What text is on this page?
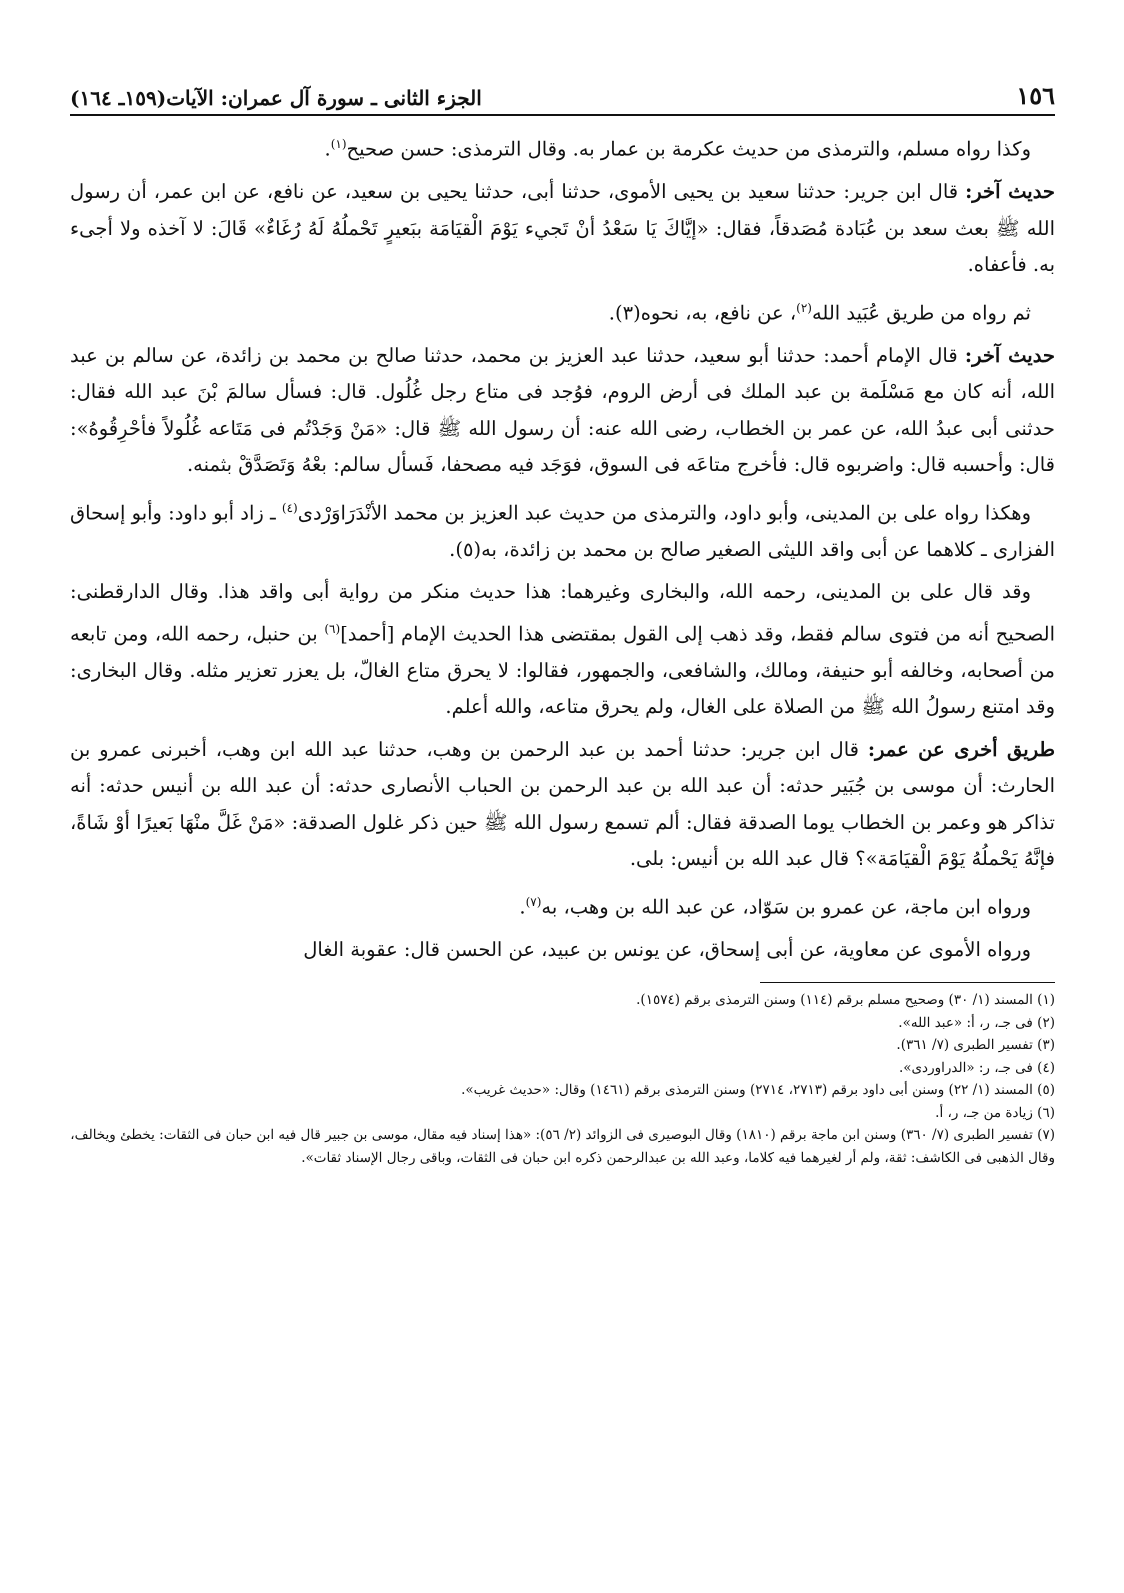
١٥٦
الجزء الثانى ـ سورة آل عمران: الآيات(١٥٩ـ ١٦٤)

وكذا رواه مسلم، والترمذى من حديث عكرمة بن عمار به. وقال الترمذى: حسن صحيح$^{(١)}$.

حديث آخر: قال ابن جرير: حدثنا سعيد بن يحيى الأموى، حدثنا أبى، حدثنا يحيى بن سعيد، عن نافع، عن ابن عمر، أن رسول الله ﷺ بعث سعد بن عُبَادة مُصَدقاً، فقال: «إيَّاكَ يَا سَعْدُ أنْ تَجيء يَوْمَ الْقيَامَة ببَعيرٍ تَحْملُهُ لَهُ رُغَاءٌ» قَالَ: لا آخذه ولا أجىء به. فأعفاه.

ثم رواه من طريق عُبَيد الله$^{(٢)}$، عن نافع، به، نحوه(٣).

حديث آخر: قال الإمام أحمد: حدثنا أبو سعيد، حدثنا عبد العزيز بن محمد، حدثنا صالح بن محمد بن زائدة، عن سالم بن عبد الله، أنه كان مع مَسْلَمة بن عبد الملك فى أرض الروم، فوُجد فى متاع رجل غُلُول. قال: فسأل سالمَ بْنَ عبد الله فقال: حدثنى أبى عبدُ الله، عن عمر بن الخطاب، رضى الله عنه: أن رسول الله ﷺ قال: «مَنْ وَجَدْتُم فى مَتَاعه غُلُولاً فأحْرِقُوهُ»: قال: وأحسبه قال: واضربوه قال: فأخرج متاعَه فى السوق، فوَجَد فيه مصحفا، فَسأل سالم: بعْهُ وَتَصَدَّقْ بثمنه.

وهكذا رواه على بن المدينى، وأبو داود، والترمذى من حديث عبد العزيز بن محمد الأنْدَرَاوَرْدى$^{(٤)}$ ـ زاد أبو داود: وأبو إسحاق الفزارى ـ كلاهما عن أبى واقد الليثى الصغير صالح بن محمد بن زائدة، به(٥).

وقد قال على بن المدينى، رحمه الله، والبخارى وغيرهما: هذا حديث منكر من رواية أبى واقد هذا. وقال الدارقطنى: الصحيح أنه من فتوى سالم فقط، وقد ذهب إلى القول بمقتضى هذا الحديث الإمام [أحمد]$^{(٦)}$ بن حنبل، رحمه الله، ومن تابعه من أصحابه، وخالفه أبو حنيفة، ومالك، والشافعى، والجمهور، فقالوا: لا يحرق متاع الغالّ، بل يعزر تعزير مثله. وقال البخارى: وقد امتنع رسولُ الله ﷺ من الصلاة على الغال، ولم يحرق متاعه، والله أعلم.

طريق أخرى عن عمر: قال ابن جرير: حدثنا أحمد بن عبد الرحمن بن وهب، حدثنا عبد الله ابن وهب، أخبرنى عمرو بن الحارث: أن موسى بن جُبَير حدثه: أن عبد الله بن عبد الرحمن بن الحباب الأنصارى حدثه: أن عبد الله بن أنيس حدثه: أنه تذاكر هو وعمر بن الخطاب يوما الصدقة فقال: ألم تسمع رسول الله ﷺ حين ذكر غلول الصدقة: «مَنْ غَلَّ منْهَا بَعيرًا أوْ شَاةً، فإنَّهُ يَحْملُهُ يَوْمَ الْقيَامَة»؟ قال عبد الله بن أنيس: بلى.

ورواه ابن ماجة، عن عمرو بن سَوّاد، عن عبد الله بن وهب، به$^{(٧)}$.

ورواه الأموى عن معاوية، عن أبى إسحاق، عن يونس بن عبيد، عن الحسن قال: عقوبة الغال

(١) المسند (١/ ٣٠) وصحيح مسلم برقم (١١٤) وسنن الترمذى برقم (١٥٧٤).
(٢) فى جـ، ر، أ: «عبد الله».
(٣) تفسير الطبرى (٧/ ٣٦١).
(٤) فى جـ، ر: «الدراوردى».
(٥) المسند (١/ ٢٢) وسنن أبى داود برقم (٢٧١٣، ٢٧١٤) وسنن الترمذى برقم (١٤٦١) وقال: «حديث غريب».
(٦) زيادة من جـ، ر، أ.
(٧) تفسير الطبرى (٧/ ٣٦٠) وسنن ابن ماجة برقم (١٨١٠) وقال البوصيرى فى الزوائد (٢/ ٥٦): «هذا إسناد فيه مقال، موسى بن جبير قال فيه ابن حبان فى الثقات: يخطئ ويخالف، وقال الذهبى فى الكاشف: ثقة، ولم أر لغيرهما فيه كلاما، وعبد الله بن عبدالرحمن ذكره ابن حبان فى الثقات، وباقى رجال الإسناد ثقات».
